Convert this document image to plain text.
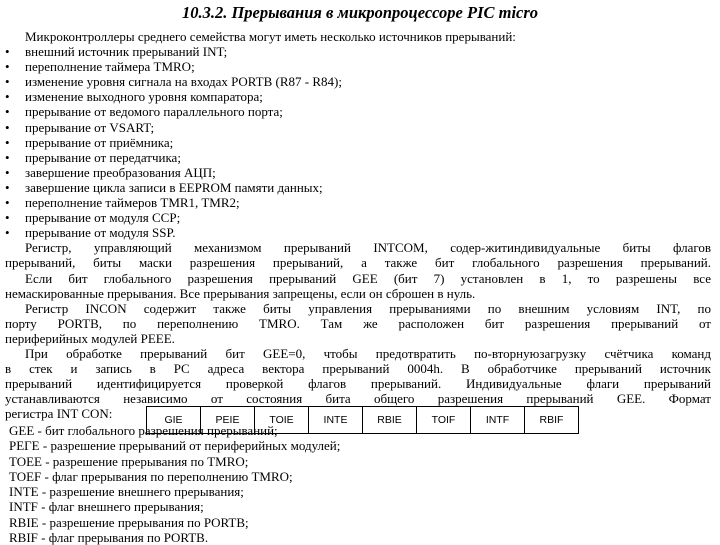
10.3.2. Прерывания в микропроцессоре PIC micro
Микроконтроллеры среднего семейства могут иметь несколько источников прерываний:
• внешний источник прерываний INT;
• переполнение таймера TMRO;
• изменение уровня сигнала на входах PORTB (R87 - R84);
• изменение выходного уровня компаратора;
• прерывание от ведомого параллельного порта;
• прерывание от VSART;
• прерывание от приёмника;
• прерывание от передатчика;
• завершение преобразования АЦП;
• завершение цикла записи в EEPROM памяти данных;
• переполнение таймеров TMR1, TMR2;
• прерывание от модуля CCP;
• прерывание от модуля SSP.
Регистр, управляющий механизмом прерываний INTCOM, содер-житиндивидуальные биты флагов
прерываний, биты маски разрешения прерываний, а также бит глобального разрешения прерываний.
Если бит глобального разрешения прерываний GEE (бит 7) установлен в 1, то разрешены все
немаскированные прерывания. Все прерывания запрещены, если он сброшен в нуль.
Регистр INCON содержит также биты управления прерываниями по внешним условиям INT, по
порту PORTB, по переполнению TMRO. Там же расположен бит разрешения прерываний от
периферийных модулей PEEE.
При обработке прерываний бит GEE=0, чтобы предотвратить по-вторнуюзагрузку счётчика команд
в стек и запись в PC адреса вектора прерываний 0004h. В обработчике прерываний источник
прерываний идентифицируется проверкой флагов прерываний. Индивидуальные флаги прерываний
устанавливаются независимо от состояния бита общего разрешения прерываний GEE. Формат
регистра INT CON:	GIE	PEIE	TOIE	INTE	RBIE	TOIF	INTF	RBIF
GEE - бит глобального разрешения прерываний;
PEГE - разрешение прерываний от периферийных модулей;
TOEE - разрешение прерывания по TMRO;
TOEF - флаг прерывания по переполнению TMRO;
INTE - разрешение внешнего прерывания;
INTF - флаг внешнего прерывания;
RBIE - разрешение прерывания по PORTB;
RBIF - флаг прерывания по PORTB.
